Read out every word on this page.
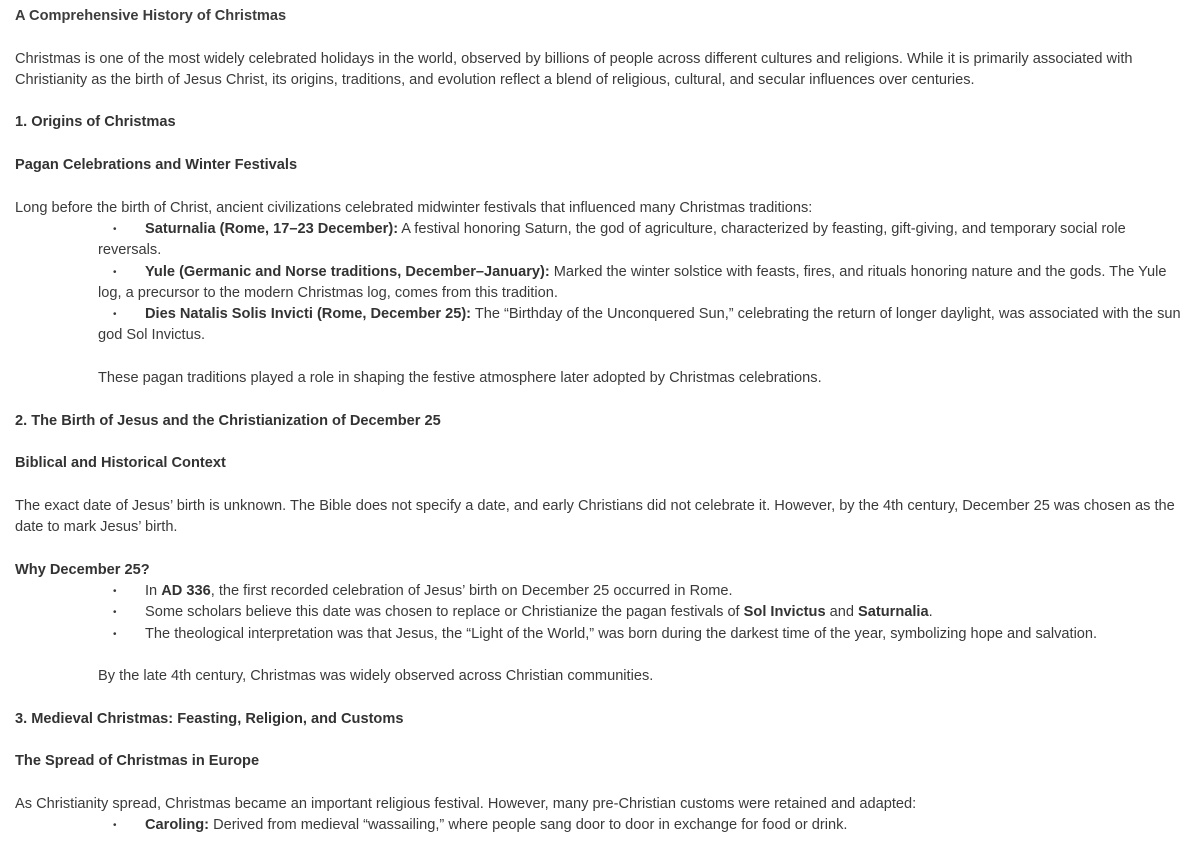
A Comprehensive History of Christmas

Christmas is one of the most widely celebrated holidays in the world, observed by billions of people across different cultures and religions. While it is primarily associated with Christianity as the birth of Jesus Christ, its origins, traditions, and evolution reflect a blend of religious, cultural, and secular influences over centuries.

1. Origins of Christmas

Pagan Celebrations and Winter Festivals

Long before the birth of Christ, ancient civilizations celebrated midwinter festivals that influenced many Christmas traditions:

• Saturnalia (Rome, 17–23 December): A festival honoring Saturn, the god of agriculture, characterized by feasting, gift-giving, and temporary social role reversals.
• Yule (Germanic and Norse traditions, December–January): Marked the winter solstice with feasts, fires, and rituals honoring nature and the gods. The Yule log, a precursor to the modern Christmas log, comes from this tradition.
• Dies Natalis Solis Invicti (Rome, December 25): The “Birthday of the Unconquered Sun,” celebrating the return of longer daylight, was associated with the sun god Sol Invictus.

These pagan traditions played a role in shaping the festive atmosphere later adopted by Christmas celebrations.

2. The Birth of Jesus and the Christianization of December 25

Biblical and Historical Context

The exact date of Jesus’ birth is unknown. The Bible does not specify a date, and early Christians did not celebrate it. However, by the 4th century, December 25 was chosen as the date to mark Jesus’ birth.

Why December 25?

• In AD 336, the first recorded celebration of Jesus’ birth on December 25 occurred in Rome.
• Some scholars believe this date was chosen to replace or Christianize the pagan festivals of Sol Invictus and Saturnalia.
• The theological interpretation was that Jesus, the “Light of the World,” was born during the darkest time of the year, symbolizing hope and salvation.

By the late 4th century, Christmas was widely observed across Christian communities.

3. Medieval Christmas: Feasting, Religion, and Customs

The Spread of Christmas in Europe

As Christianity spread, Christmas became an important religious festival. However, many pre-Christian customs were retained and adapted:

• Caroling: Derived from medieval “wassailing,” where people sang door to door in exchange for food or drink.
